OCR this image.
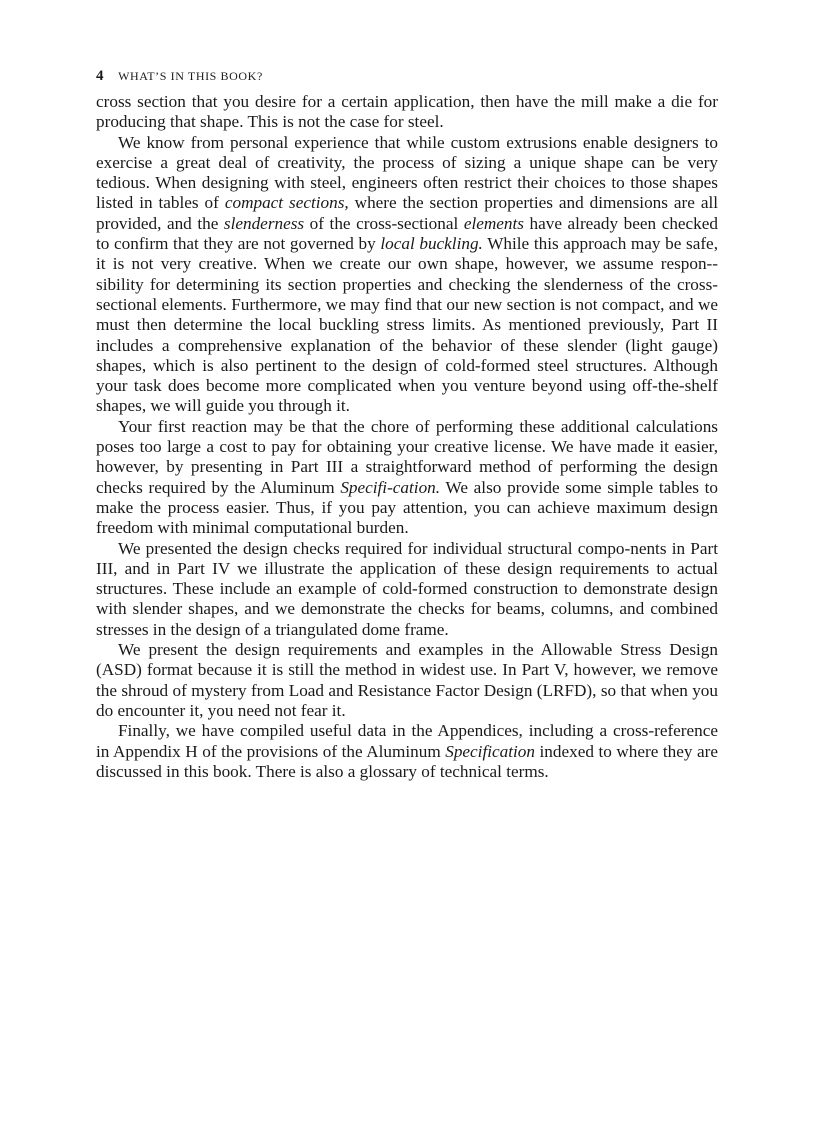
4 WHAT’S IN THIS BOOK?

cross section that you desire for a certain application, then have the mill make a die for producing that shape. This is not the case for steel.

We know from personal experience that while custom extrusions enable designers to exercise a great deal of creativity, the process of sizing a unique shape can be very tedious. When designing with steel, engineers often restrict their choices to those shapes listed in tables of compact sections, where the section properties and dimensions are all provided, and the slenderness of the cross-sectional elements have already been checked to confirm that they are not governed by local buckling. While this approach may be safe, it is not very creative. When we create our own shape, however, we assume respon-sibility for determining its section properties and checking the slenderness of the cross-sectional elements. Furthermore, we may find that our new section is not compact, and we must then determine the local buckling stress limits. As mentioned previously, Part II includes a comprehensive explanation of the behavior of these slender (light gauge) shapes, which is also pertinent to the design of cold-formed steel structures. Although your task does become more complicated when you venture beyond using off-the-shelf shapes, we will guide you through it.

Your first reaction may be that the chore of performing these additional calculations poses too large a cost to pay for obtaining your creative license. We have made it easier, however, by presenting in Part III a straightforward method of performing the design checks required by the Aluminum Specifi-cation. We also provide some simple tables to make the process easier. Thus, if you pay attention, you can achieve maximum design freedom with minimal computational burden.

We presented the design checks required for individual structural compo-nents in Part III, and in Part IV we illustrate the application of these design requirements to actual structures. These include an example of cold-formed construction to demonstrate design with slender shapes, and we demonstrate the checks for beams, columns, and combined stresses in the design of a triangulated dome frame.

We present the design requirements and examples in the Allowable Stress Design (ASD) format because it is still the method in widest use. In Part V, however, we remove the shroud of mystery from Load and Resistance Factor Design (LRFD), so that when you do encounter it, you need not fear it.

Finally, we have compiled useful data in the Appendices, including a cross-reference in Appendix H of the provisions of the Aluminum Specification indexed to where they are discussed in this book. There is also a glossary of technical terms.
